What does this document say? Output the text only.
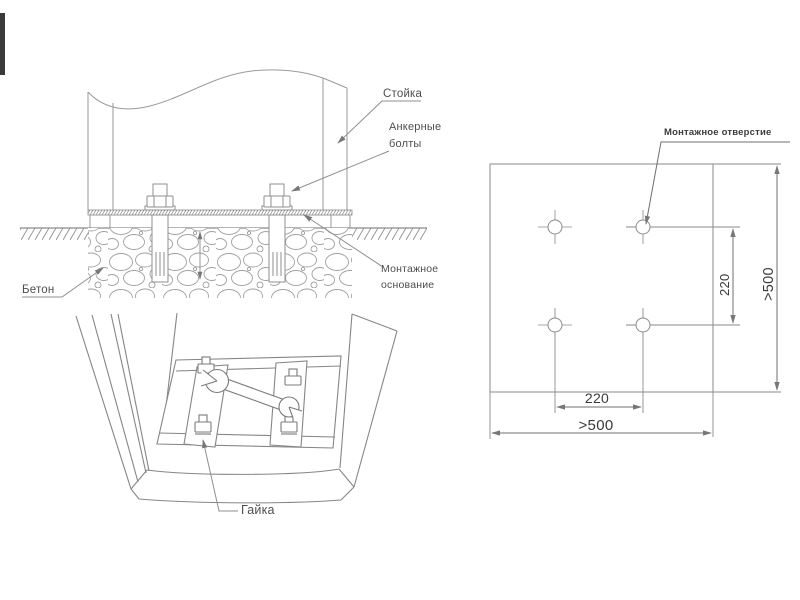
Стойка
Анкерные болты
Монтажное основание
Бетон
Гайка
Монтажное отверстие
220 >500
220
>500
